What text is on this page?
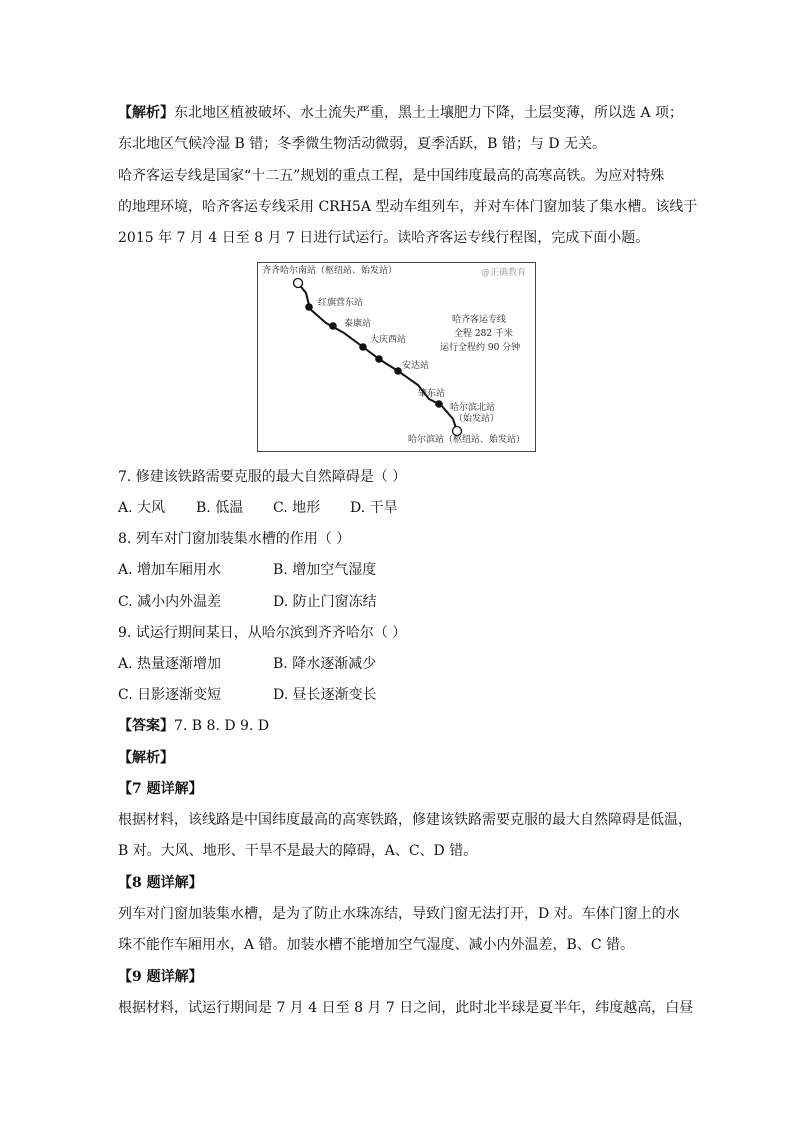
【解析】东北地区植被破坏、水土流失严重，黑土土壤肥力下降，土层变薄，所以选 A 项；
东北地区气候冷湿 B 错；冬季微生物活动微弱，夏季活跃，B 错；与 D 无关。
哈齐客运专线是国家“十二五”规划的重点工程，是中国纬度最高的高寒高铁。为应对特殊
的地理环境，哈齐客运专线采用 CRH5A 型动车组列车，并对车体门窗加装了集水槽。该线于
2015 年 7 月 4 日至 8 月 7 日进行试运行。读哈齐客运专线行程图，完成下面小题。
@正确教育
齐齐哈尔南站（枢纽站、始发站）
红旗营东站
泰康站
大庆西站
安达站
肇东站
哈尔滨北站
（始发站）
哈尔滨站（枢纽站、始发站）
哈齐客运专线
全程 282 千米
运行全程约 90 分钟
7. 修建该铁路需要克服的最大自然障碍是（ ）
A. 大风 B. 低温 C. 地形 D. 干旱
8. 列车对门窗加装集水槽的作用（ ）
A. 增加车厢用水	B. 增加空气湿度
C. 减小内外温差	D. 防止门窗冻结
9. 试运行期间某日，从哈尔滨到齐齐哈尔（ ）
A. 热量逐渐增加	B. 降水逐渐减少
C. 日影逐渐变短	D. 昼长逐渐变长
【答案】7. B 8. D 9. D
【解析】
【7 题详解】
根据材料，该线路是中国纬度最高的高寒铁路，修建该铁路需要克服的最大自然障碍是低温，
B 对。大风、地形、干旱不是最大的障碍，A、C、D 错。
【8 题详解】
列车对门窗加装集水槽，是为了防止水珠冻结，导致门窗无法打开，D 对。车体门窗上的水
珠不能作车厢用水，A 错。加装水槽不能增加空气湿度、减小内外温差，B、C 错。
【9 题详解】
根据材料，试运行期间是 7 月 4 日至 8 月 7 日之间，此时北半球是夏半年，纬度越高，白昼
